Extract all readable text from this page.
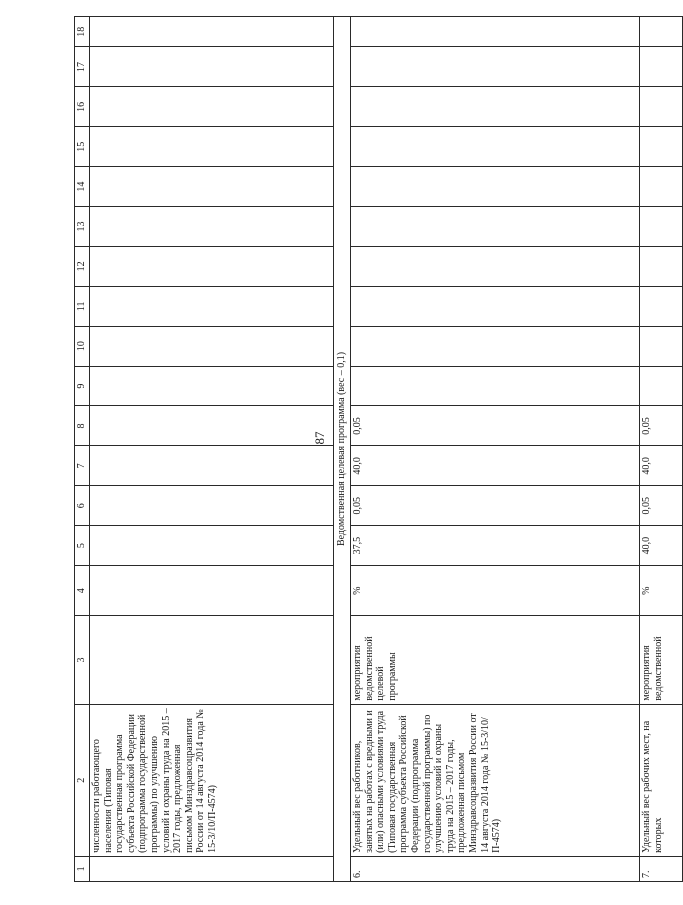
87
1	2	3	4	5	6	7	8	9	10	11	12	13	14	15	16	17	18
	численности работающего населения (Типовая государственная программа субъекта Российской Федерации (подпрограмма государственной программы) по улучшению условий и охраны труда на 2015 – 2017 годы, предложенная письмом Минздравсоцразвития России от 14 августа 2014 года № 15-3/10/П-4574)																
Ведомственная целевая программа (вес – 0,1)																	
6.	Удельный вес работников, занятых на работах с вредными и (или) опасными условиями труда (Типовая государственная программа субъекта Российской Федерации (подпрограмма государственной программы) по улучшению условий и охраны труда на 2015 – 2017 годы, предложенная письмом Минздравсоцразвития России от 14 августа 2014 года № 15-3/10/П-4574)	мероприятия ведомственной целевой программы	%	37,5	0,05	40,0	0,05										
7.	Удельный вес рабочих мест, на которых	мероприятия ведомственной	%	40,0	0,05	40,0	0,05										
